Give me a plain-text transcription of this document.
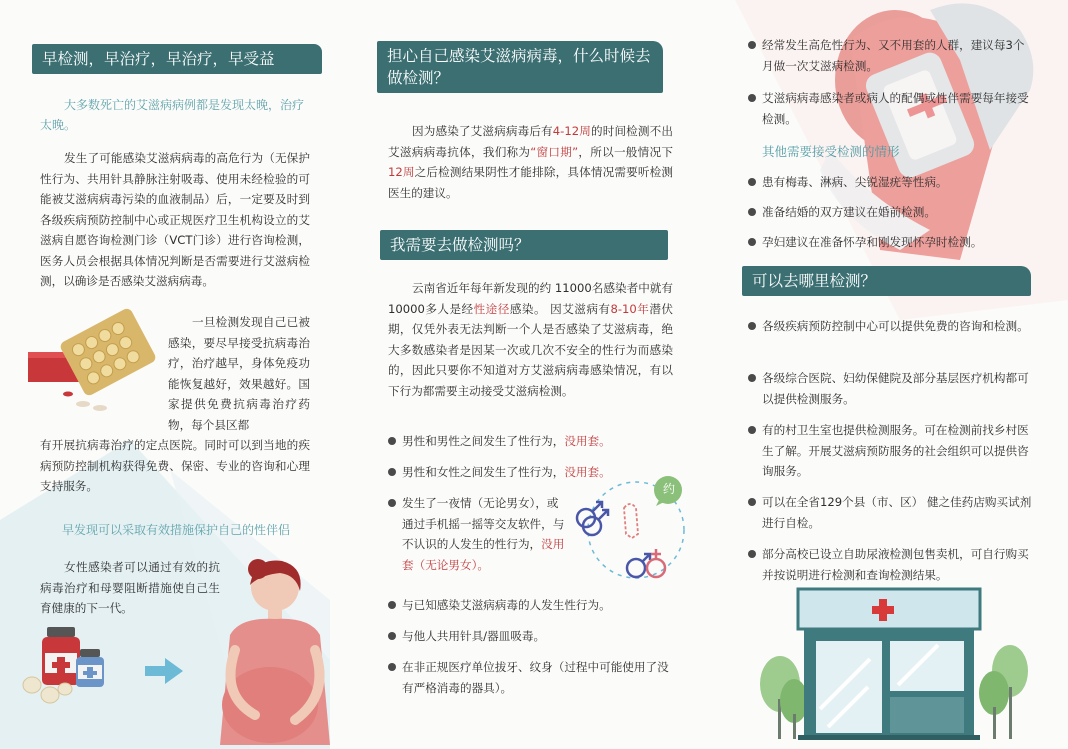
早检测，早治疗，早治疗，早受益
大多数死亡的艾滋病病例都是发现太晚，治疗太晚。
发生了可能感染艾滋病病毒的高危行为（无保护性行为、共用针具静脉注射吸毒、使用未经检验的可能被艾滋病病毒污染的血液制品）后，一定要及时到各级疾病预防控制中心或正规医疗卫生机构设立的艾滋病自愿咨询检测门诊（VCT门诊）进行咨询检测，医务人员会根据具体情况判断是否需要进行艾滋病检测，以确诊是否感染艾滋病病毒。
一旦检测发现自己已被感染，要尽早接受抗病毒治疗，治疗越早，身体免疫功能恢复越好，效果越好。国家提供免费抗病毒治疗药物，每个县区都
有开展抗病毒治疗的定点医院。同时可以到当地的疾病预防控制机构获得免费、保密、专业的咨询和心理支持服务。
早发现可以采取有效措施保护自己的性伴侣
女性感染者可以通过有效的抗病毒治疗和母婴阻断措施使自己生育健康的下一代。
担心自己感染艾滋病病毒，什么时候去做检测？
因为感染了艾滋病病毒后有4-12周的时间检测不出艾滋病病毒抗体，我们称为“窗口期”，所以一般情况下12周之后检测结果阴性才能排除，具体情况需要听检测医生的建议。
我需要去做检测吗？
云南省近年每年新发现的约 11000名感染者中就有10000多人是经性途径感染。 因艾滋病有8-10年潜伏期，仅凭外表无法判断一个人是否感染了艾滋病毒，绝大多数感染者是因某一次或几次不安全的性行为而感染的，因此只要你不知道对方艾滋病病毒感染情况，有以下行为都需要主动接受艾滋病检测。
男性和男性之间发生了性行为，没用套。
男性和女性之间发生了性行为，没用套。
发生了一夜情（无论男女），或通过手机摇一摇等交友软件，与不认识的人发生的性行为，没用套（无论男女）。
约
与已知感染艾滋病病毒的人发生性行为。
与他人共用针具/器皿吸毒。
在非正规医疗单位拔牙、纹身（过程中可能使用了没有严格消毒的器具）。
经常发生高危性行为、又不用套的人群，建议每3个月做一次艾滋病检测。
艾滋病病毒感染者或病人的配偶或性伴需要每年接受检测。
其他需要接受检测的情形
患有梅毒、淋病、尖锐湿疣等性病。
准备结婚的双方建议在婚前检测。
孕妇建议在准备怀孕和刚发现怀孕时检测。
可以去哪里检测？
各级疾病预防控制中心可以提供免费的咨询和检测。
各级综合医院、妇幼保健院及部分基层医疗机构都可以提供检测服务。
有的村卫生室也提供检测服务。可在检测前找乡村医生了解。开展艾滋病预防服务的社会组织可以提供咨询服务。
可以在全省129个县（市、区） 健之佳药店购买试剂进行自检。
部分高校已设立自助尿液检测包售卖机，可自行购买并按说明进行检测和查询检测结果。
